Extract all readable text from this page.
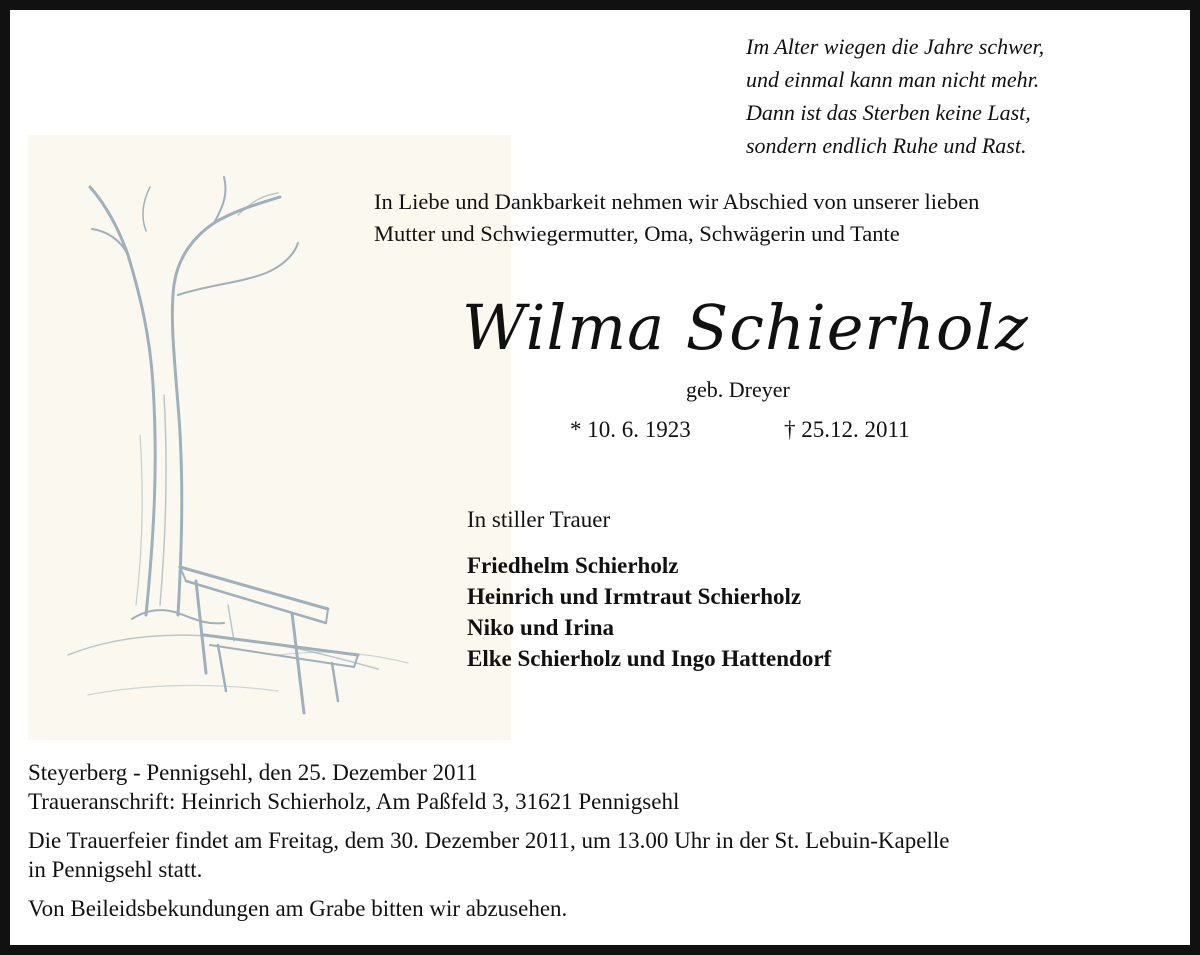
Im Alter wiegen die Jahre schwer,
und einmal kann man nicht mehr.
Dann ist das Sterben keine Last,
sondern endlich Ruhe und Rast.
In Liebe und Dankbarkeit nehmen wir Abschied von unserer lieben
Mutter und Schwiegermutter, Oma, Schwägerin und Tante
Wilma Schierholz
geb. Dreyer
* 10. 6. 1923	† 25.12. 2011
In stiller Trauer
Friedhelm Schierholz
Heinrich und Irmtraut Schierholz
Niko und Irina
Elke Schierholz und Ingo Hattendorf

Steyerberg - Pennigsehl, den 25. Dezember 2011

Traueranschrift: Heinrich Schierholz, Am Paßfeld 3, 31621 Pennigsehl

Die Trauerfeier findet am Freitag, dem 30. Dezember 2011, um 13.00 Uhr in der St. Lebuin-Kapelle

in Pennigsehl statt.

Von Beileidsbekundungen am Grabe bitten wir abzusehen.
